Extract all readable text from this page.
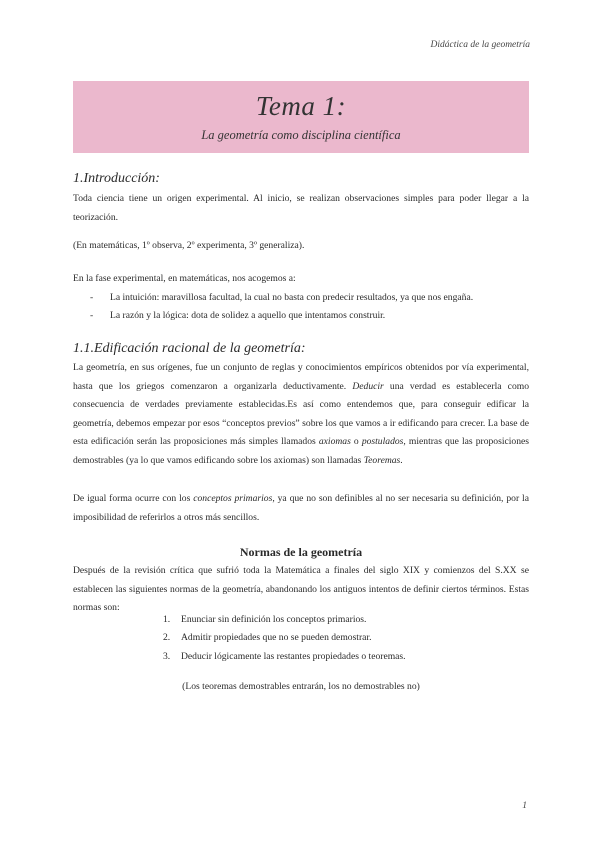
Didáctica de la geometría
Tema 1:
La geometría como disciplina científica
1.Introducción:
Toda ciencia tiene un origen experimental. Al inicio, se realizan observaciones simples para poder llegar a la teorización.
(En matemáticas, 1º observa, 2º experimenta, 3º generaliza).
En la fase experimental, en matemáticas, nos acogemos a:
- La intuición: maravillosa facultad, la cual no basta con predecir resultados, ya que nos engaña.
- La razón y la lógica: dota de solidez a aquello que intentamos construir.
1.1.Edificación racional de la geometría:
La geometría, en sus orígenes, fue un conjunto de reglas y conocimientos empíricos obtenidos por vía experimental, hasta que los griegos comenzaron a organizarla deductivamente. Deducir una verdad es establecerla como consecuencia de verdades previamente establecidas.Es así como entendemos que, para conseguir edificar la geometría, debemos empezar por esos “conceptos previos” sobre los que vamos a ir edificando para crecer. La base de esta edificación serán las proposiciones más simples llamados axiomas o postulados, mientras que las proposiciones demostrables (ya lo que vamos edificando sobre los axiomas) son llamadas Teoremas.
De igual forma ocurre con los conceptos primarios, ya que no son definibles al no ser necesaria su definición, por la imposibilidad de referirlos a otros más sencillos.
Normas de la geometría
Después de la revisión crítica que sufrió toda la Matemática a finales del siglo XIX y comienzos del S.XX se establecen las siguientes normas de la geometría, abandonando los antiguos intentos de definir ciertos términos. Estas normas son:
1. Enunciar sin definición los conceptos primarios.
2. Admitir propiedades que no se pueden demostrar.
3. Deducir lógicamente las restantes propiedades o teoremas.
(Los teoremas demostrables entrarán, los no demostrables no)
1
